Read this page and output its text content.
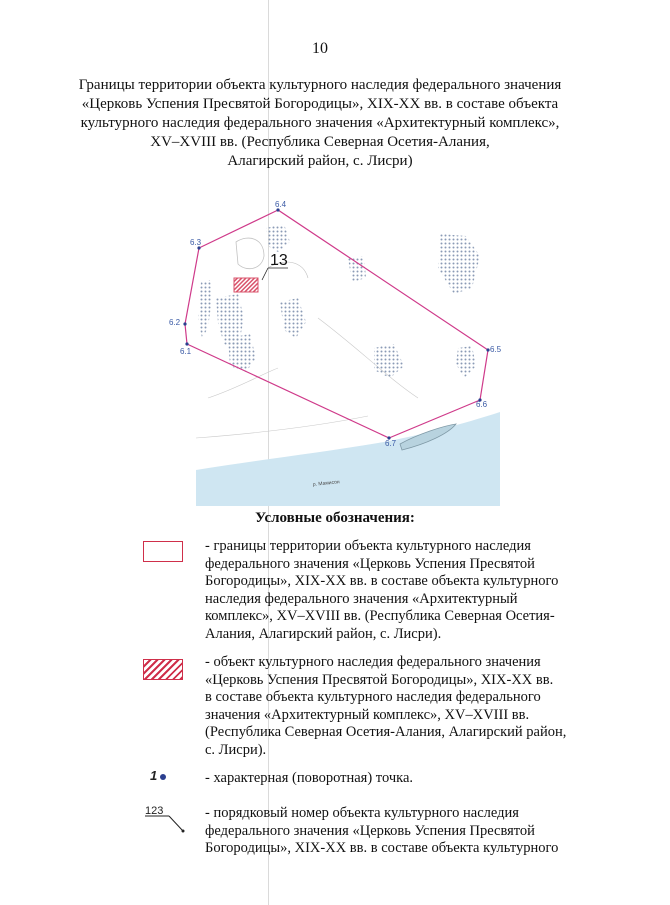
10
Границы территории объекта культурного наследия федерального значения
«Церковь Успения Пресвятой Богородицы», XIX-XX вв. в составе объекта
культурного наследия федерального значения «Архитектурный комплекс»,
XV–XVIII вв. (Республика Северная Осетия-Алания,
Алагирский район, с. Лисри)
13
6.4
6.3
6.2
6.1	6.5
6.6
6.7
р. Мамисон
Условные обозначения:
- границы территории объекта культурного наследия
федерального значения «Церковь Успения Пресвятой
Богородицы», XIX-XX вв. в составе объекта культурного
наследия федерального значения «Архитектурный
комплекс», XV–XVIII вв. (Республика Северная Осетия-
Алания, Алагирский район, с. Лисри).
- объект культурного наследия федерального значения
«Церковь Успения Пресвятой Богородицы», XIX-XX вв.
в составе объекта культурного наследия федерального
значения «Архитектурный комплекс», XV–XVIII вв.
(Республика Северная Осетия-Алания, Алагирский район,
с. Лисри).
1	- характерная (поворотная) точка.
123	- порядковый номер объекта культурного наследия
федерального значения «Церковь Успения Пресвятой
Богородицы», XIX-XX вв. в составе объекта культурного
